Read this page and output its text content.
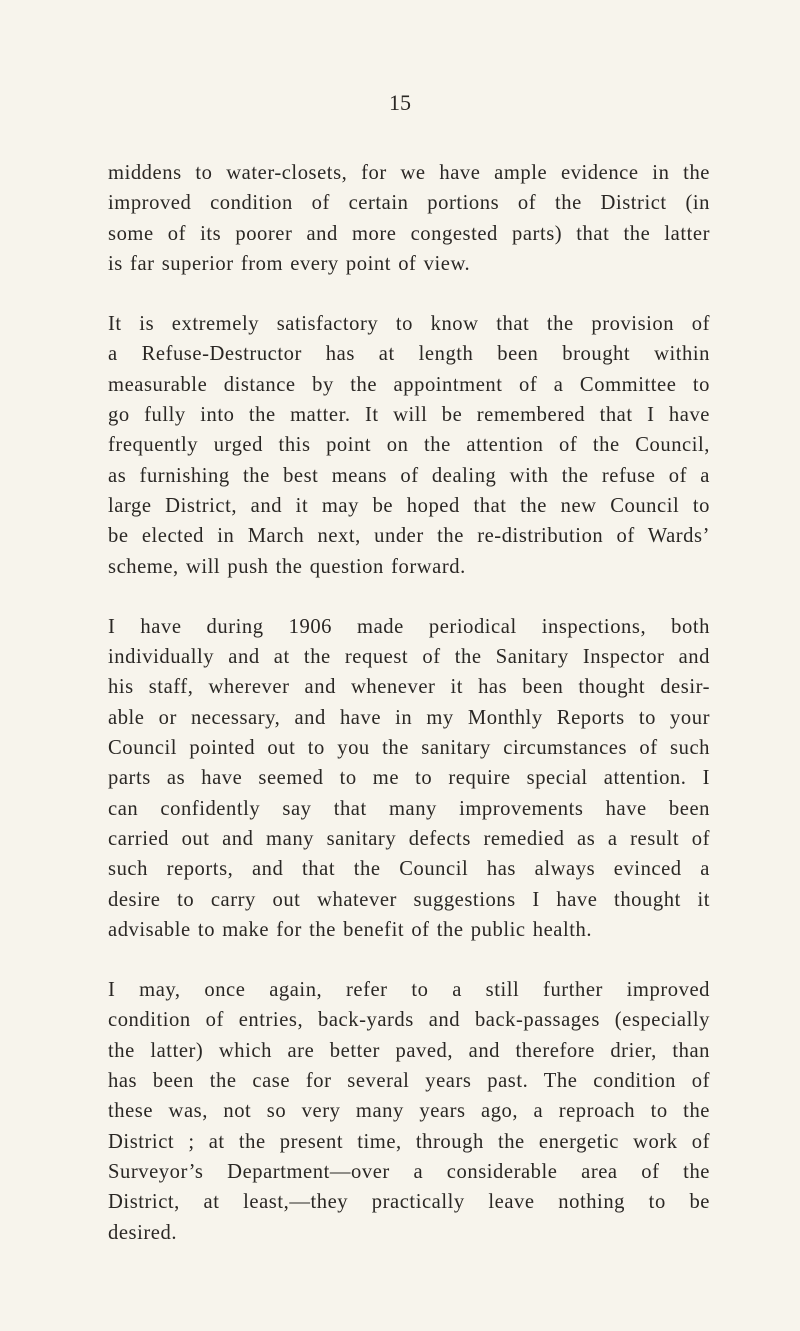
15

middens to water-closets, for we have ample evidence in the
improved condition of certain portions of the District (in
some of its poorer and more congested parts) that the latter
is far superior from every point of view.

It is extremely satisfactory to know that the provision of
a Refuse-Destructor has at length been brought within
measurable distance by the appointment of a Committee to
go fully into the matter. It will be remembered that I have
frequently urged this point on the attention of the Council,
as furnishing the best means of dealing with the refuse of a
large District, and it may be hoped that the new Council to
be elected in March next, under the re-distribution of Wards’
scheme, will push the question forward.

I have during 1906 made periodical inspections, both
individually and at the request of the Sanitary Inspector and
his staff, wherever and whenever it has been thought desir-
able or necessary, and have in my Monthly Reports to your
Council pointed out to you the sanitary circumstances of such
parts as have seemed to me to require special attention. I
can confidently say that many improvements have been
carried out and many sanitary defects remedied as a result of
such reports, and that the Council has always evinced a
desire to carry out whatever suggestions I have thought it
advisable to make for the benefit of the public health.

I may, once again, refer to a still further improved
condition of entries, back-yards and back-passages (especially
the latter) which are better paved, and therefore drier, than
has been the case for several years past. The condition of
these was, not so very many years ago, a reproach to the
District ; at the present time, through the energetic work of
Surveyor’s Department—over a considerable area of the
District, at least,—they practically leave nothing to be
desired.
